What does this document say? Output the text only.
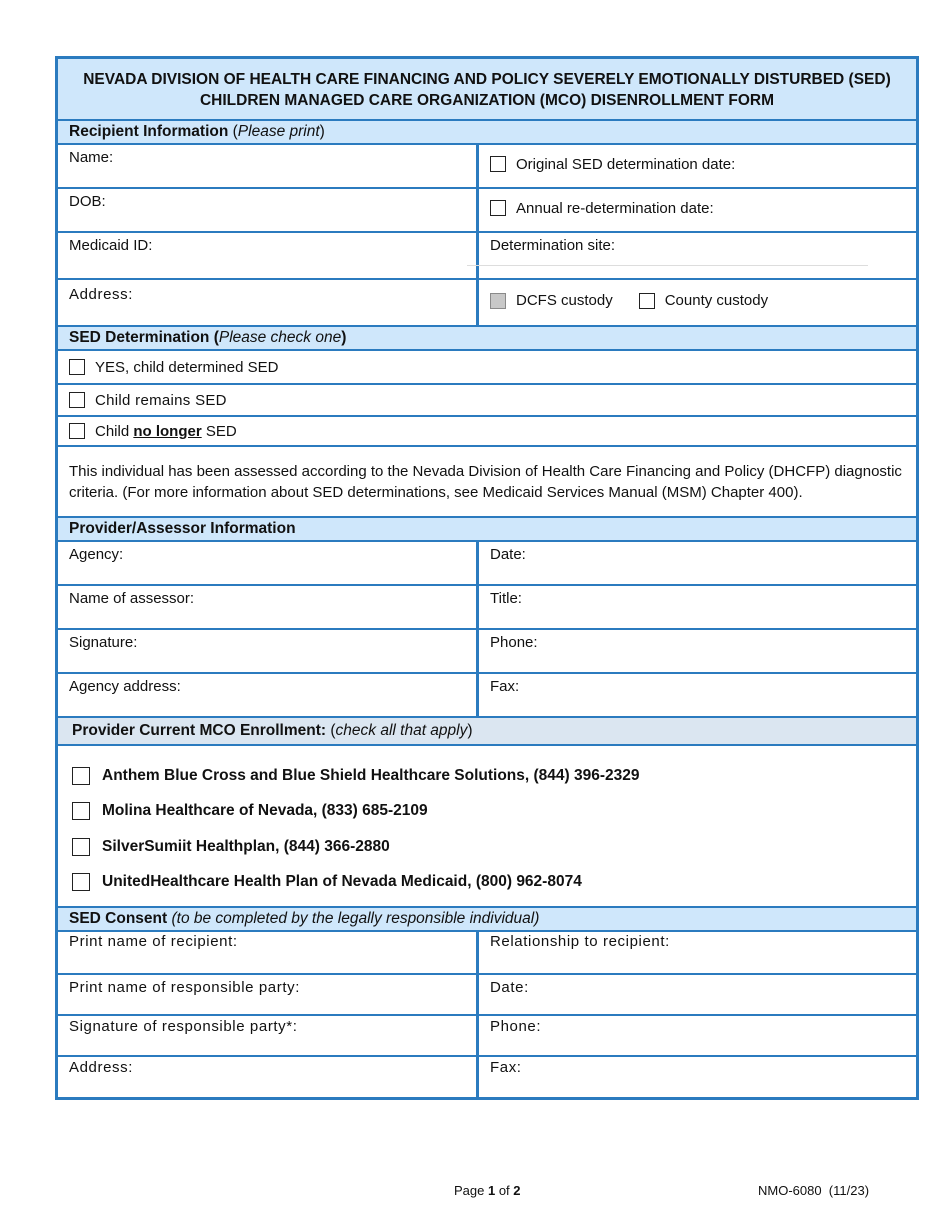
NEVADA DIVISION OF HEALTH CARE FINANCING AND POLICY SEVERELY EMOTIONALLY DISTURBED (SED)
CHILDREN MANAGED CARE ORGANIZATION (MCO) DISENROLLMENT FORM
Recipient Information (Please print)
Name:	Original SED determination date:
DOB:	Annual re-determination date:
Medicaid ID:	Determination site:
Address:	DCFS custody	County custody
SED Determination (Please check one)
YES, child determined SED
Child remains SED
Child no longer SED
This individual has been assessed according to the Nevada Division of Health Care Financing and Policy (DHCFP) diagnostic criteria. (For more information about SED determinations, see Medicaid Services Manual (MSM) Chapter 400).
Provider/Assessor Information
Agency:	Date:
Name of assessor:	Title:
Signature:	Phone:
Agency address:	Fax:
Provider Current MCO Enrollment: (check all that apply)
Anthem Blue Cross and Blue Shield Healthcare Solutions, (844) 396-2329
Molina Healthcare of Nevada, (833) 685-2109
SilverSumiit Healthplan, (844) 366-2880
UnitedHealthcare Health Plan of Nevada Medicaid, (800) 962-8074
SED Consent (to be completed by the legally responsible individual)
Print name of recipient:	Relationship to recipient:
Print name of responsible party:	Date:
Signature of responsible party*:	Phone:
Address:	Fax:
Page 1 of 2	NMO-6080  (11/23)
